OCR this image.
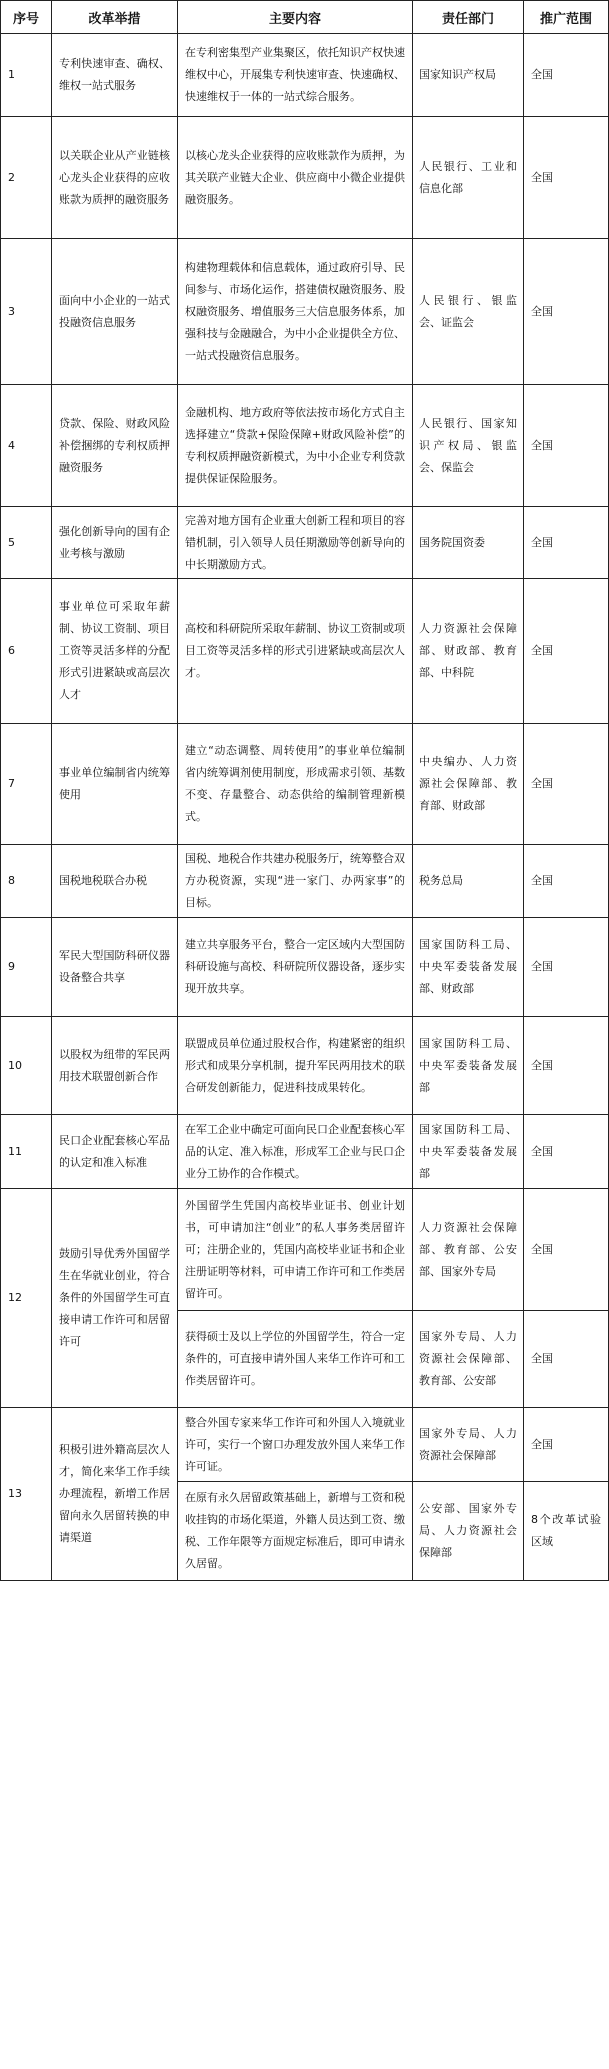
序号	改革举措	主要内容	责任部门	推广范围

1	专利快速审查、确权、维权一站式服务	在专利密集型产业集聚区，依托知识产权快速维权中心，开展集专利快速审查、快速确权、快速维权于一体的一站式综合服务。	国家知识产权局	全国

2	以关联企业从产业链核心龙头企业获得的应收账款为质押的融资服务	以核心龙头企业获得的应收账款作为质押，为其关联产业链大企业、供应商中小微企业提供融资服务。	人民银行、工业和信息化部	全国

3	面向中小企业的一站式投融资信息服务	构建物理载体和信息载体，通过政府引导、民间参与、市场化运作，搭建债权融资服务、股权融资服务、增值服务三大信息服务体系，加强科技与金融融合，为中小企业提供全方位、一站式投融资信息服务。	人民银行、银监会、证监会	全国

4	贷款、保险、财政风险补偿捆绑的专利权质押融资服务	金融机构、地方政府等依法按市场化方式自主选择建立“贷款+保险保障+财政风险补偿”的专利权质押融资新模式，为中小企业专利贷款提供保证保险服务。	人民银行、国家知识产权局、银监会、保监会	全国

5	强化创新导向的国有企业考核与激励	完善对地方国有企业重大创新工程和项目的容错机制，引入领导人员任期激励等创新导向的中长期激励方式。	国务院国资委	全国

6	事业单位可采取年薪制、协议工资制、项目工资等灵活多样的分配形式引进紧缺或高层次人才	高校和科研院所采取年薪制、协议工资制或项目工资等灵活多样的形式引进紧缺或高层次人才。	人力资源社会保障部、财政部、教育部、中科院	全国

7	事业单位编制省内统筹使用	建立“动态调整、周转使用”的事业单位编制省内统筹调剂使用制度，形成需求引领、基数不变、存量整合、动态供给的编制管理新模式。	中央编办、人力资源社会保障部、教育部、财政部	全国

8	国税地税联合办税	国税、地税合作共建办税服务厅，统筹整合双方办税资源，实现“进一家门、办两家事”的目标。	税务总局	全国

9	军民大型国防科研仪器设备整合共享	建立共享服务平台，整合一定区域内大型国防科研设施与高校、科研院所仪器设备，逐步实现开放共享。	国家国防科工局、中央军委装备发展部、财政部	全国

10	以股权为纽带的军民两用技术联盟创新合作	联盟成员单位通过股权合作，构建紧密的组织形式和成果分享机制，提升军民两用技术的联合研发创新能力，促进科技成果转化。	国家国防科工局、中央军委装备发展部	全国

11	民口企业配套核心军品的认定和准入标准	在军工企业中确定可面向民口企业配套核心军品的认定、准入标准，形成军工企业与民口企业分工协作的合作模式。	国家国防科工局、中央军委装备发展部	全国

12	鼓励引导优秀外国留学生在华就业创业，符合条件的外国留学生可直接申请工作许可和居留许可	外国留学生凭国内高校毕业证书、创业计划书，可申请加注“创业”的私人事务类居留许可；注册企业的，凭国内高校毕业证书和企业注册证明等材料，可申请工作许可和工作类居留许可。	人力资源社会保障部、教育部、公安部、国家外专局	全国

		获得硕士及以上学位的外国留学生，符合一定条件的，可直接申请外国人来华工作许可和工作类居留许可。	国家外专局、人力资源社会保障部、教育部、公安部	全国

13	积极引进外籍高层次人才，简化来华工作手续办理流程，新增工作居留向永久居留转换的申请渠道	整合外国专家来华工作许可和外国人入境就业许可，实行一个窗口办理发放外国人来华工作许可证。	国家外专局、人力资源社会保障部	全国

		在原有永久居留政策基础上，新增与工资和税收挂钩的市场化渠道，外籍人员达到工资、缴税、工作年限等方面规定标准后，即可申请永久居留。	公安部、国家外专局、人力资源社会保障部	8个改革试验区域
